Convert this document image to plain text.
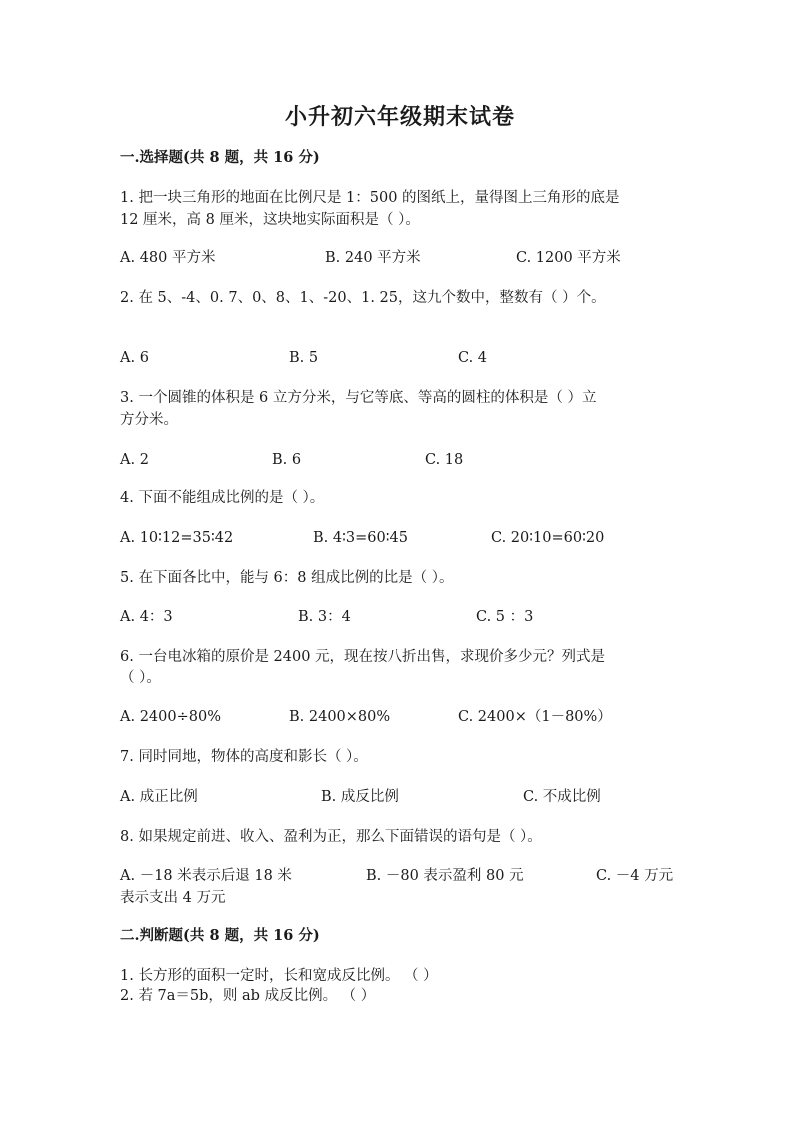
小升初六年级期末试卷
一.选择题(共 8 题，共 16 分)
1. 把一块三角形的地面在比例尺是 1：500 的图纸上，量得图上三角形的底是
12 厘米，高 8 厘米，这块地实际面积是（ ）。
A. 480 平方米	B. 240 平方米	C. 1200 平方米
2. 在 5、-4、0. 7、0、8、1、-20、1. 25，这九个数中，整数有（ ）个。
A. 6	B. 5	C. 4
3. 一个圆锥的体积是 6 立方分米，与它等底、等高的圆柱的体积是（ ）立
方分米。
A. 2	B. 6	C. 18
4. 下面不能组成比例的是（ ）。
A. 10∶12=35∶42	B. 4∶3=60∶45	C. 20∶10=60∶20
5. 在下面各比中，能与 6：8 组成比例的比是（ ）。
A. 4：3	B. 3：4	C. 5 ：3
6. 一台电冰箱的原价是 2400 元，现在按八折出售，求现价多少元？列式是
（ ）。
A. 2400÷80%	B. 2400×80%	C. 2400×（1－80%）
7. 同时同地，物体的高度和影长（ ）。
A. 成正比例	B. 成反比例	C. 不成比例
8. 如果规定前进、收入、盈利为正，那么下面错误的语句是（ ）。
A. －18 米表示后退 18 米	B. －80 表示盈利 80 元	C. －4 万元
表示支出 4 万元
二.判断题(共 8 题，共 16 分)
1. 长方形的面积一定时，长和宽成反比例。 （ ）
2. 若 7a＝5b，则 ab 成反比例。 （ ）
